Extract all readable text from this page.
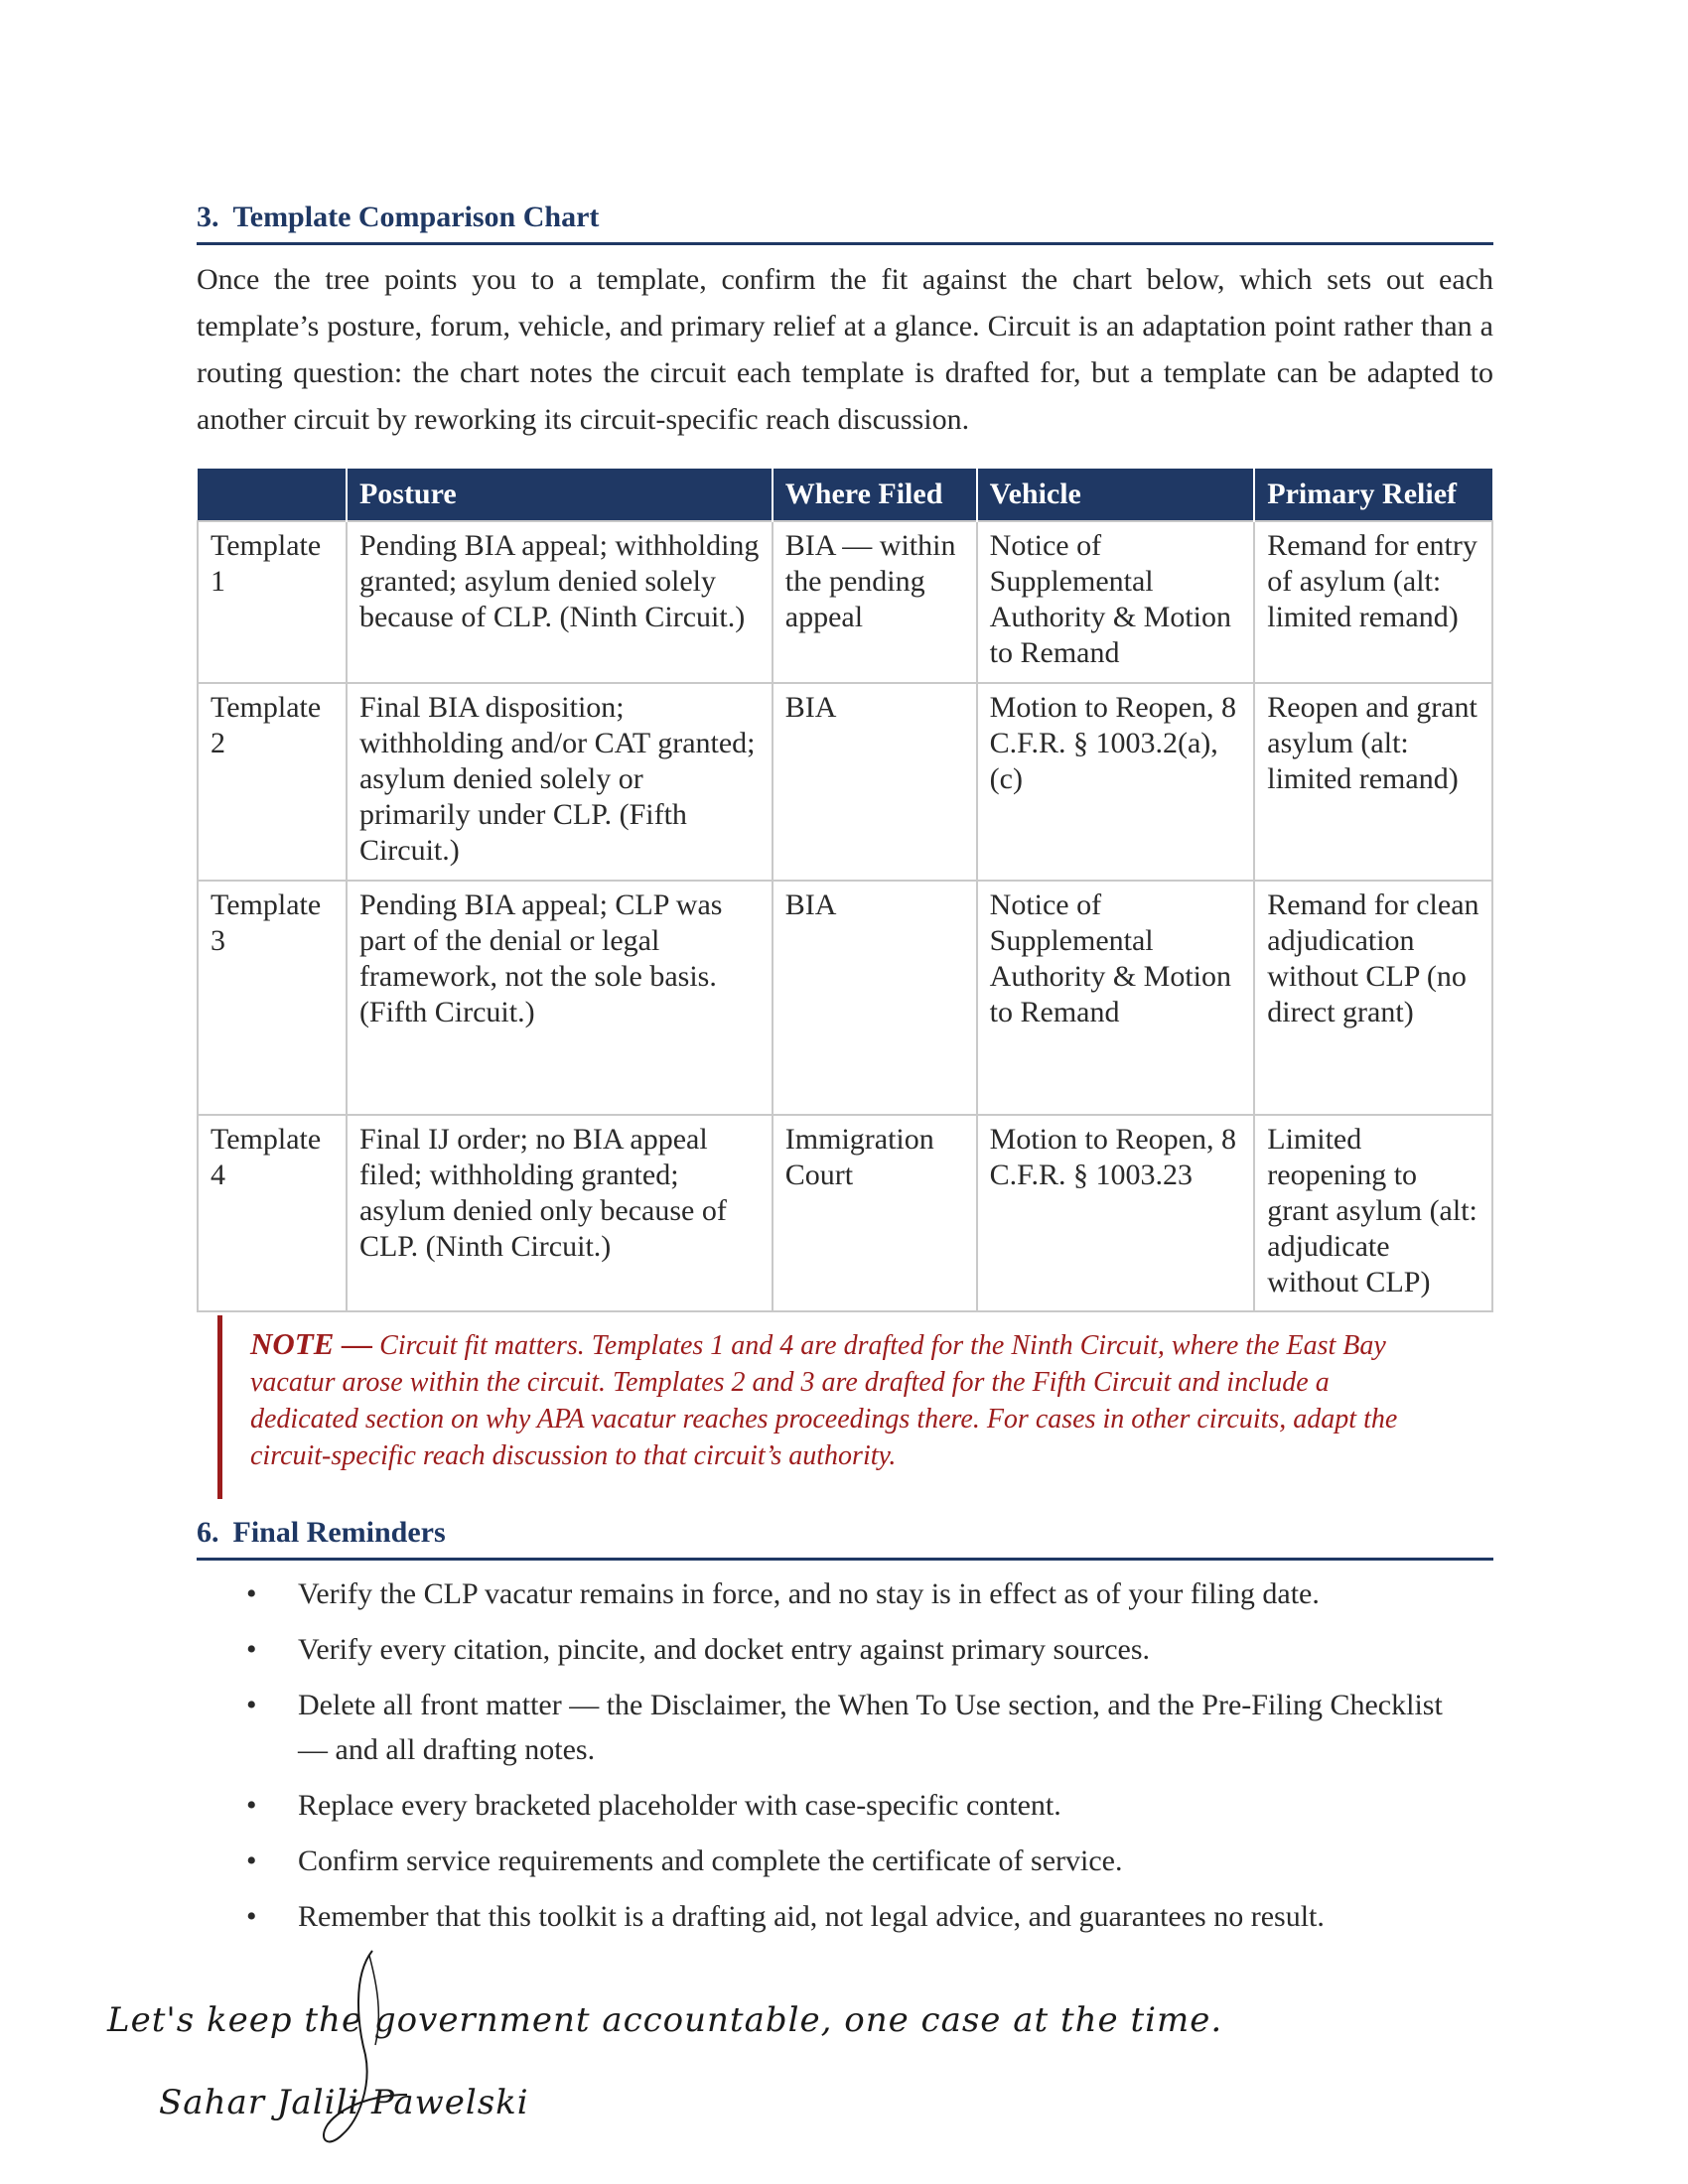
3. Template Comparison Chart

Once the tree points you to a template, confirm the fit against the chart below, which sets out each template’s posture, forum, vehicle, and primary relief at a glance. Circuit is an adaptation point rather than a routing question: the chart notes the circuit each template is drafted for, but a template can be adapted to another circuit by reworking its circuit-specific reach discussion.

	Posture	Where Filed	Vehicle	Primary Relief
Template 1	Pending BIA appeal; withholding granted; asylum denied solely because of CLP. (Ninth Circuit.)	BIA — within the pending appeal	Notice of Supplemental Authority & Motion to Remand	Remand for entry of asylum (alt: limited remand)
Template 2	Final BIA disposition; withholding and/or CAT granted; asylum denied solely or primarily under CLP. (Fifth Circuit.)	BIA	Motion to Reopen, 8 C.F.R. § 1003.2(a), (c)	Reopen and grant asylum (alt: limited remand)
Template 3	Pending BIA appeal; CLP was part of the denial or legal framework, not the sole basis. (Fifth Circuit.)	BIA	Notice of Supplemental Authority & Motion to Remand	Remand for clean adjudication without CLP (no direct grant)
Template 4	Final IJ order; no BIA appeal filed; withholding granted; asylum denied only because of CLP. (Ninth Circuit.)	Immigration Court	Motion to Reopen, 8 C.F.R. § 1003.23	Limited reopening to grant asylum (alt: adjudicate without CLP)
NOTE — Circuit fit matters. Templates 1 and 4 are drafted for the Ninth Circuit, where the East Bay vacatur arose within the circuit. Templates 2 and 3 are drafted for the Fifth Circuit and include a dedicated section on why APA vacatur reaches proceedings there. For cases in other circuits, adapt the circuit-specific reach discussion to that circuit’s authority.
6. Final Reminders
• Verify the CLP vacatur remains in force, and no stay is in effect as of your filing date.
• Verify every citation, pincite, and docket entry against primary sources.
• Delete all front matter — the Disclaimer, the When To Use section, and the Pre-Filing Checklist — and all drafting notes.
• Replace every bracketed placeholder with case-specific content.
• Confirm service requirements and complete the certificate of service.
• Remember that this toolkit is a drafting aid, not legal advice, and guarantees no result.
Let's keep the government accountable, one case at the time.
Sahar Jalili Pawelski
